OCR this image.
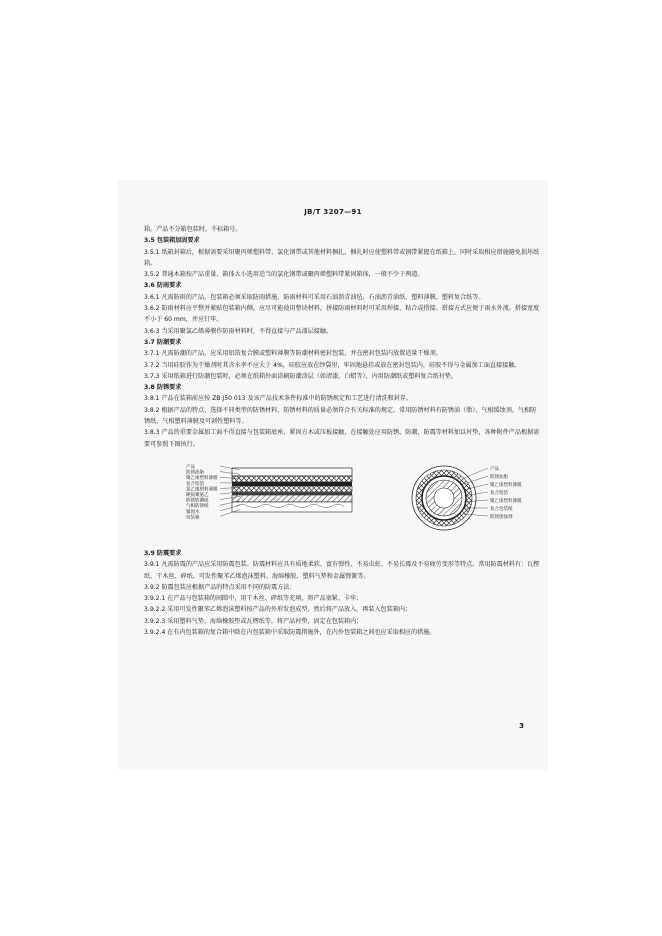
JB/T 3207—91

箱。产品不分箱包装时，不标箱号。

3.5 包装箱加固要求

3.5.1 纸箱封箱后，根据需要采用聚丙烯塑料带、氯化钢带或其他材料捆扎，捆扎时应使塑料带或钢带紧握在纸箱上，同时采取相应措施避免损坏纸箱。

3.5.2 普通木箱按产品重量、箱体大小选用适当的氯化钢带或聚丙烯塑料带紧固箱体，一般不少于两道。

3.6 防雨要求

3.6.1 凡需防雨的产品，包装箱必须采取防雨措施，防雨材料可采用石油沥青油毡、石油沥青油纸、塑料薄膜、塑料复合纸等。

3.6.2 防雨材料应平整并紧贴包装箱内侧，应尽可能使用整块材料，拼接防雨材料时可采用焊接、粘合或搭接。搭接方式应便于雨水外流。搭接宽度不小于 60 mm，并应钉牢。

3.6.3 当采用聚氯乙烯薄膜作防雨材料时，不得直接与产品漆层接触。

3.7 防潮要求

3.7.1 凡需防潮的产品，应采用铝箔复合膜或塑料薄膜等防潮材料密封包装，并在密封包装内放置适量干燥剂。

3.7.2 当用硅胶作为干燥剂时其含水率不应大于 4%，硅胶应放在纱袋里，牢固地悬挂或放在密封包装内，硅胶不得与金属加工面直接接触。

3.7.3 采用纸箱进行防潮包装时，必须在纸箱外面涂刷防潮涂层（如清漆，白蜡等），内用防潮纸或塑料复合纸衬垫。

3.8 防锈要求

3.8.1 产品在装箱前应按 ZB J50 013 及该产品技术条件标准中的防锈规定和工艺进行清洗和封存。

3.8.2 根据产品的特点，选择不同类型的防锈材料，防锈材料的质量必须符合有关标准的规定。常用防锈材料有防锈油（脂），气相缓蚀剂，气相防锈纸，气相塑料薄膜及可剥性塑料等。

3.8.3 产品的重要金属加工面不得直接与包装箱底座、紧固方木或压板接触，在接触处应用防锈、防潮、防震等材料加以衬垫，各种附件产品根据需要可参照下图执行。

产品
防锈油脂
聚乙烯塑料薄膜
复合铝箔
氯乙烯塑料薄膜
硬质聚氨乙
防锈防潮纸
气相防锈纸
紧固木
包装箱
产品
防锈油脂
聚乙烯塑料薄膜
复合铝箔
聚乙烯塑料薄膜
复合包装纸
防锈缓蚀剂

3.9 防震要求

3.9.1 凡需防震的产品应采用防震包装。防震材料应具有质地柔软、富有弹性、不易虫蛀、不易长霉及不易疲劳变形等特点。常用防震材料有：瓦楞纸、干木丝、碎纸、可发性聚苯乙烯泡沫塑料、海绵橡胶、塑料气垫和金属弹簧等。

3.9.2 防震包装应根据产品的特点采用不同的防震方法：

3.9.2.1 在产品与包装箱的间隙中，用干木丝、碎纸等充填，将产品塞紧、卡牢；

3.9.2.2 采用可发性聚苯乙烯泡沫塑料按产品的外形发泡成型，然后将产品放入，再装入包装箱内；

3.9.2.3 采用塑料气垫、海绵橡胶垫或瓦楞纸等，将产品衬垫，固定在包装箱内；

3.9.2.4 在有内包装箱的复合箱中除在内包装箱中采取防震措施外，在内外包装箱之间也应采取相应的措施。

3
